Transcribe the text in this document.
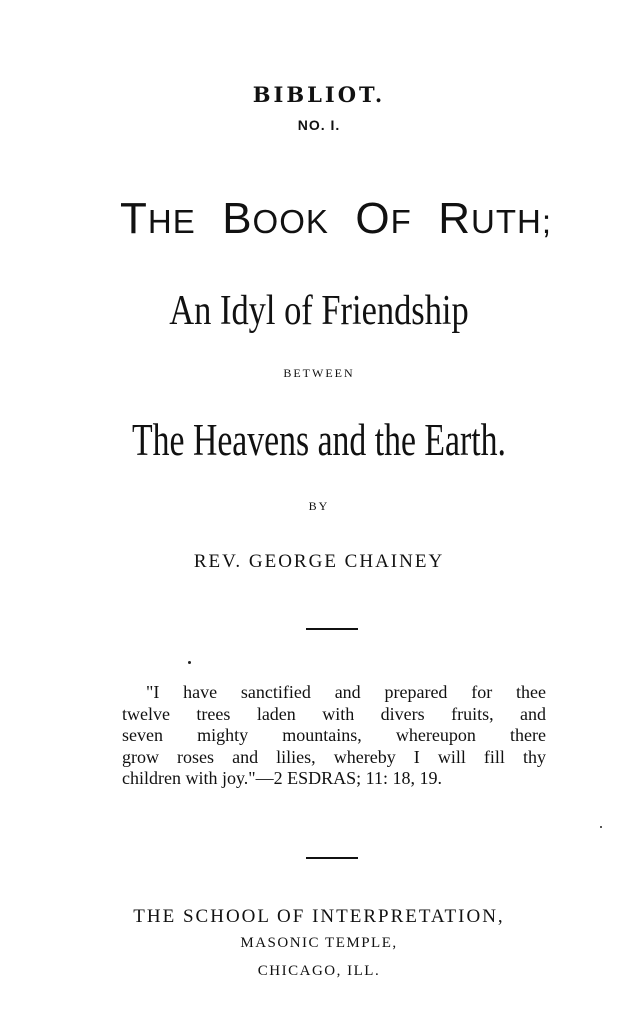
BIBLIOT.
NO. I.
THE BOOK OF RUTH;
An Idyl of Friendship
BETWEEN
The Heavens and the Earth.
BY
REV. GEORGE CHAINEY
"I have sanctified and prepared for thee
twelve trees laden with divers fruits, and
seven mighty mountains, whereupon there
grow roses and lilies, whereby I will fill thy
children with joy."—2 ESDRAS; 11: 18, 19.
THE SCHOOL OF INTERPRETATION,
MASONIC TEMPLE,
CHICAGO, ILL.
